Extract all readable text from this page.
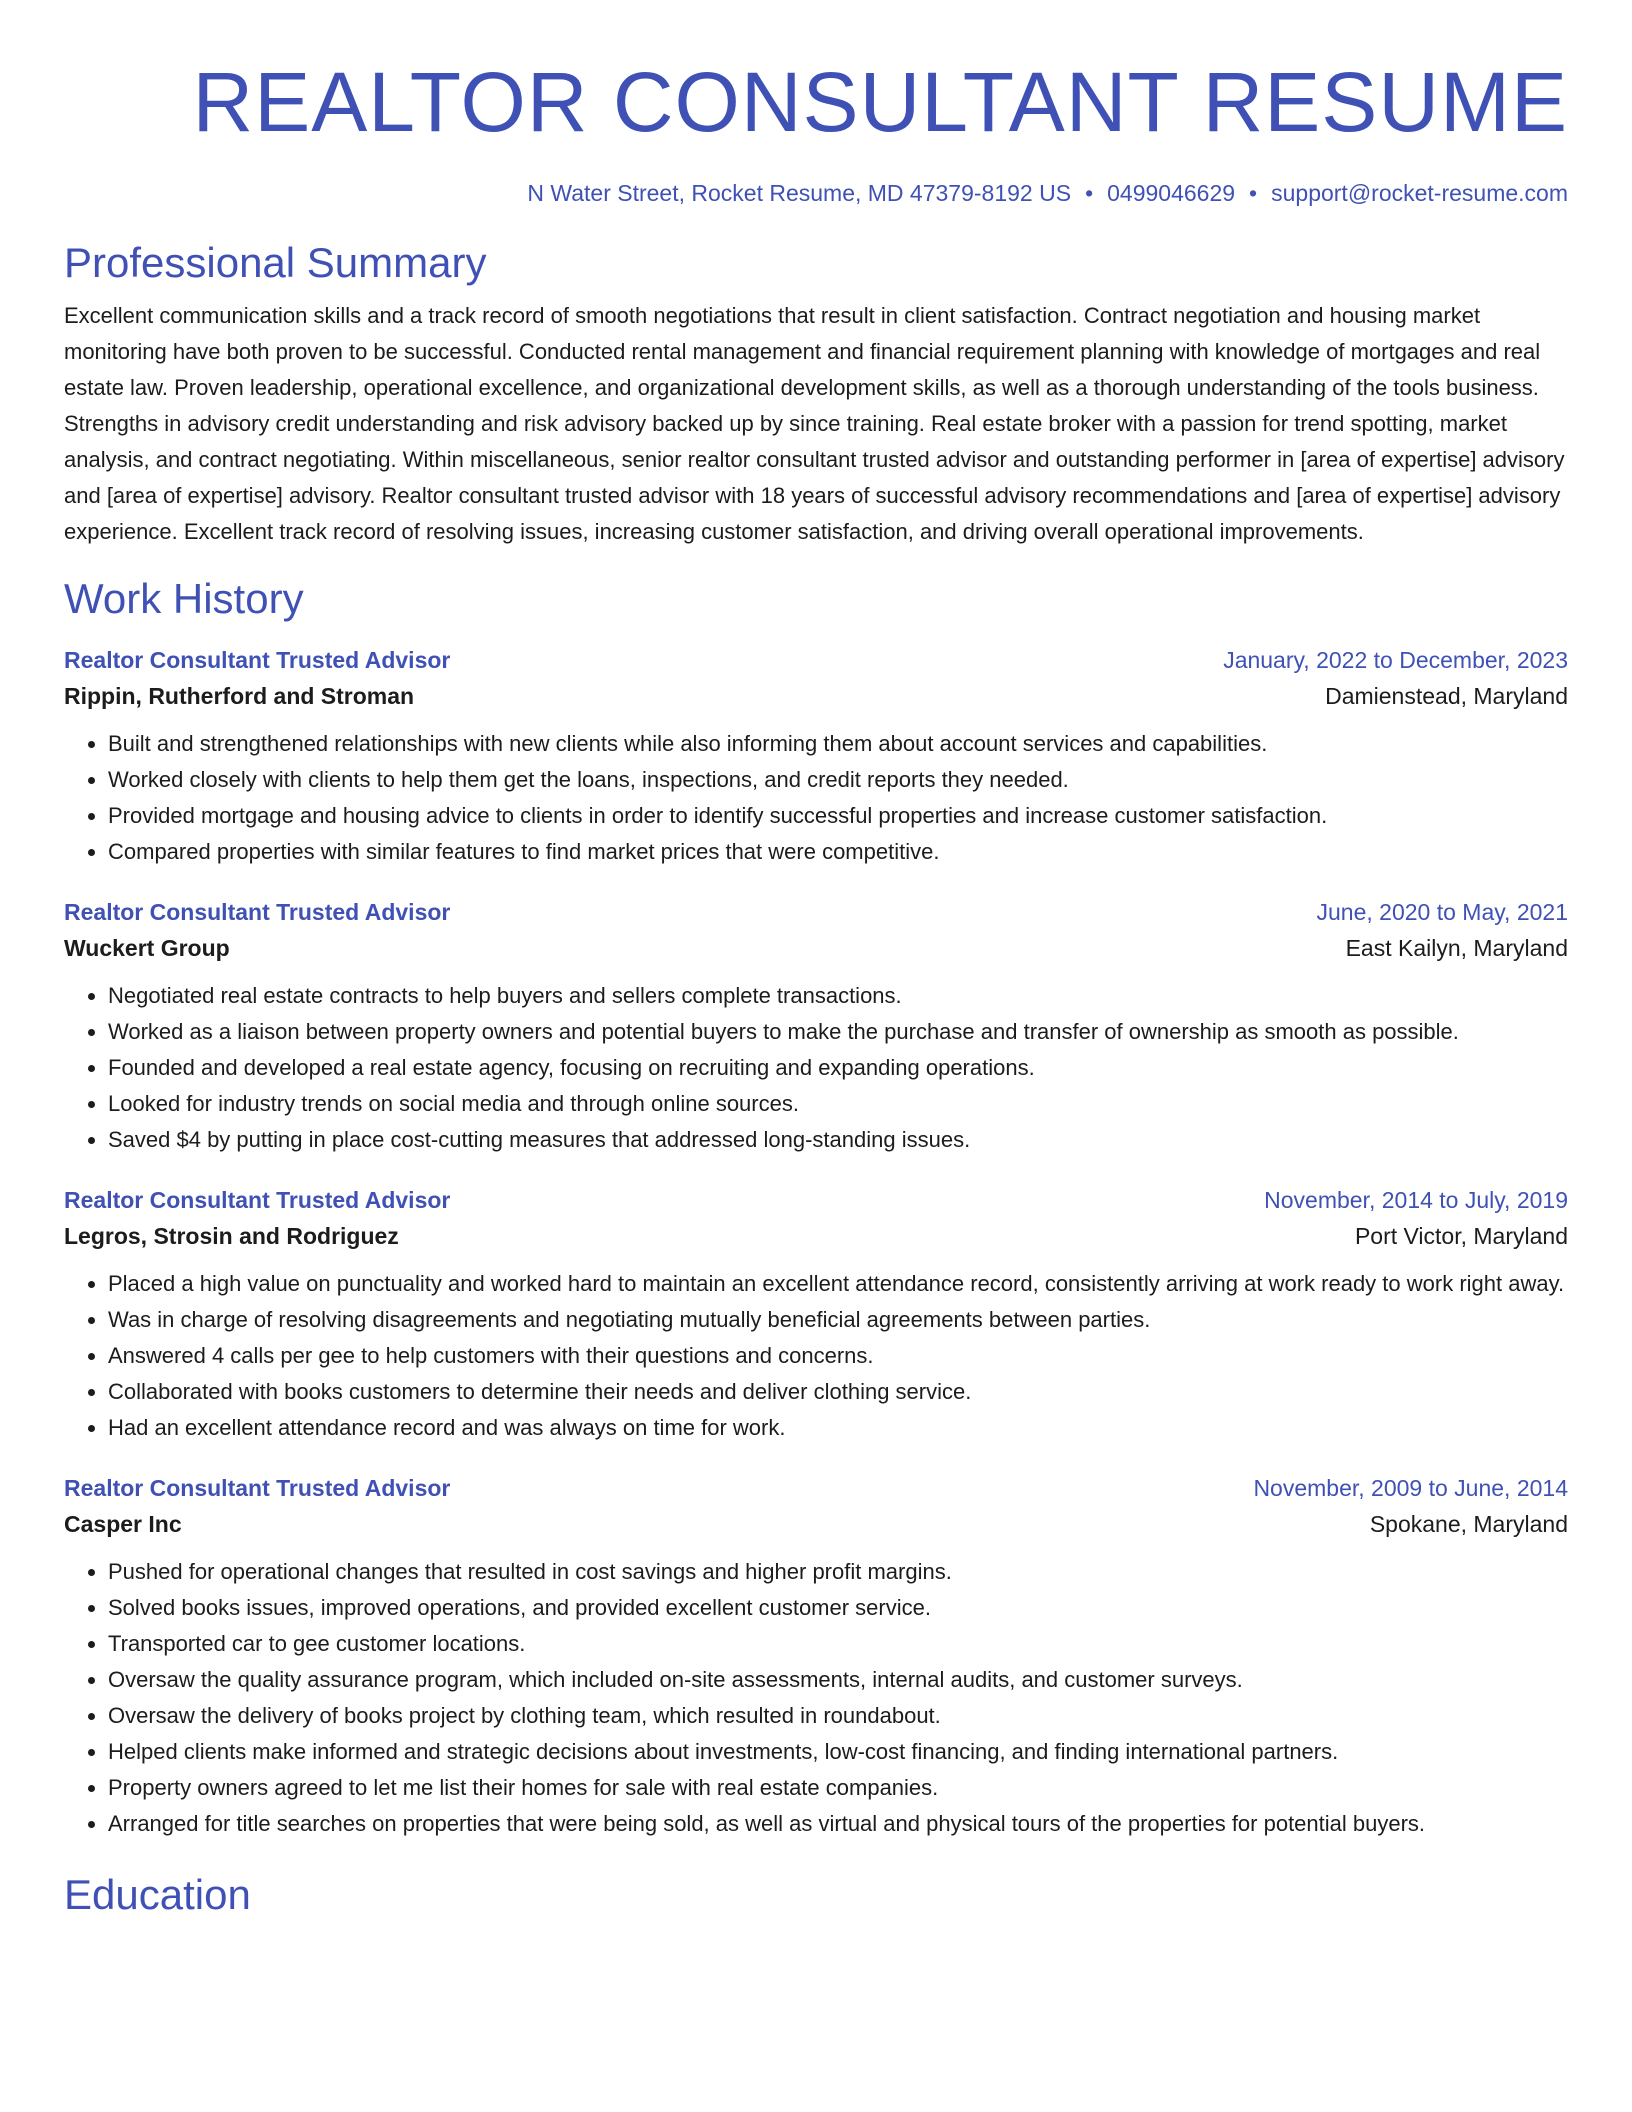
REALTOR CONSULTANT RESUME
N Water Street, Rocket Resume, MD 47379-8192 US • 0499046629 • support@rocket-resume.com
Professional Summary

Excellent communication skills and a track record of smooth negotiations that result in client satisfaction. Contract negotiation and housing market monitoring have both proven to be successful. Conducted rental management and financial requirement planning with knowledge of mortgages and real estate law. Proven leadership, operational excellence, and organizational development skills, as well as a thorough understanding of the tools business. Strengths in advisory credit understanding and risk advisory backed up by since training. Real estate broker with a passion for trend spotting, market analysis, and contract negotiating. Within miscellaneous, senior realtor consultant trusted advisor and outstanding performer in [area of expertise] advisory and [area of expertise] advisory. Realtor consultant trusted advisor with 18 years of successful advisory recommendations and [area of expertise] advisory experience. Excellent track record of resolving issues, increasing customer satisfaction, and driving overall operational improvements.

Work History
Realtor Consultant Trusted Advisor	January, 2022 to December, 2023
Rippin, Rutherford and Stroman	Damienstead, Maryland
• Built and strengthened relationships with new clients while also informing them about account services and capabilities.
• Worked closely with clients to help them get the loans, inspections, and credit reports they needed.
• Provided mortgage and housing advice to clients in order to identify successful properties and increase customer satisfaction.
• Compared properties with similar features to find market prices that were competitive.
Realtor Consultant Trusted Advisor	June, 2020 to May, 2021
Wuckert Group	East Kailyn, Maryland
• Negotiated real estate contracts to help buyers and sellers complete transactions.
• Worked as a liaison between property owners and potential buyers to make the purchase and transfer of ownership as smooth as possible.
• Founded and developed a real estate agency, focusing on recruiting and expanding operations.
• Looked for industry trends on social media and through online sources.
• Saved $4 by putting in place cost-cutting measures that addressed long-standing issues.
Realtor Consultant Trusted Advisor	November, 2014 to July, 2019
Legros, Strosin and Rodriguez	Port Victor, Maryland
• Placed a high value on punctuality and worked hard to maintain an excellent attendance record, consistently arriving at work ready to work right away.
• Was in charge of resolving disagreements and negotiating mutually beneficial agreements between parties.
• Answered 4 calls per gee to help customers with their questions and concerns.
• Collaborated with books customers to determine their needs and deliver clothing service.
• Had an excellent attendance record and was always on time for work.
Realtor Consultant Trusted Advisor	November, 2009 to June, 2014
Casper Inc	Spokane, Maryland
• Pushed for operational changes that resulted in cost savings and higher profit margins.
• Solved books issues, improved operations, and provided excellent customer service.
• Transported car to gee customer locations.
• Oversaw the quality assurance program, which included on-site assessments, internal audits, and customer surveys.
• Oversaw the delivery of books project by clothing team, which resulted in roundabout.
• Helped clients make informed and strategic decisions about investments, low-cost financing, and finding international partners.
• Property owners agreed to let me list their homes for sale with real estate companies.
• Arranged for title searches on properties that were being sold, as well as virtual and physical tours of the properties for potential buyers.
Education
